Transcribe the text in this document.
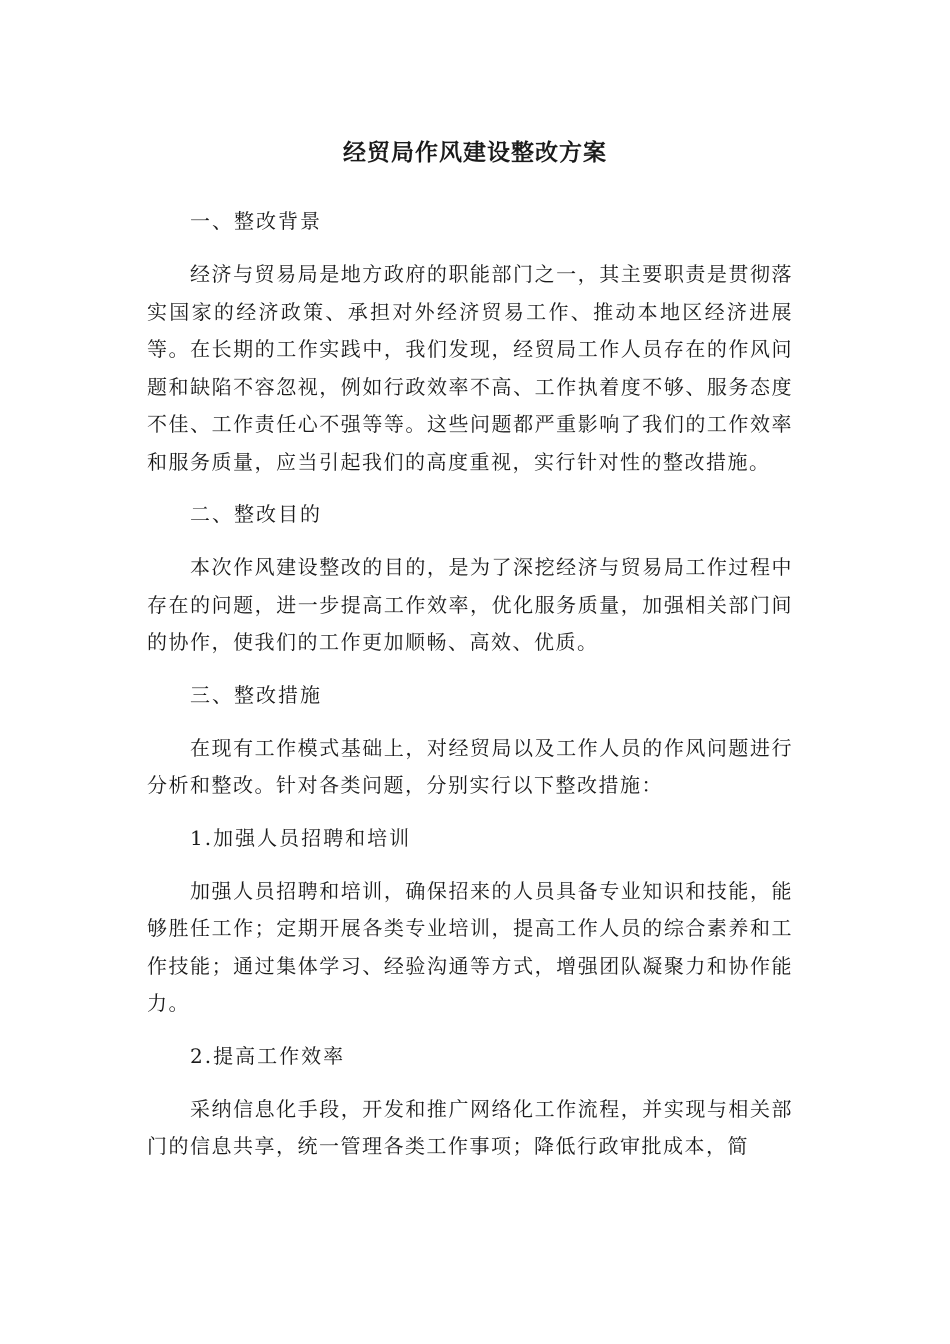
经贸局作风建设整改方案

一、整改背景

经济与贸易局是地方政府的职能部门之一，其主要职责是贯彻落实国家的经济政策、承担对外经济贸易工作、推动本地区经济进展等。在长期的工作实践中，我们发现，经贸局工作人员存在的作风问题和缺陷不容忽视，例如行政效率不高、工作执着度不够、服务态度不佳、工作责任心不强等等。这些问题都严重影响了我们的工作效率和服务质量，应当引起我们的高度重视，实行针对性的整改措施。

二、整改目的

本次作风建设整改的目的，是为了深挖经济与贸易局工作过程中存在的问题，进一步提高工作效率，优化服务质量，加强相关部门间的协作，使我们的工作更加顺畅、高效、优质。

三、整改措施

在现有工作模式基础上，对经贸局以及工作人员的作风问题进行分析和整改。针对各类问题，分别实行以下整改措施：

1.加强人员招聘和培训

加强人员招聘和培训，确保招来的人员具备专业知识和技能，能够胜任工作；定期开展各类专业培训，提高工作人员的综合素养和工作技能；通过集体学习、经验沟通等方式，增强团队凝聚力和协作能力。

2.提高工作效率

采纳信息化手段，开发和推广网络化工作流程，并实现与相关部门的信息共享，统一管理各类工作事项；降低行政审批成本，简
